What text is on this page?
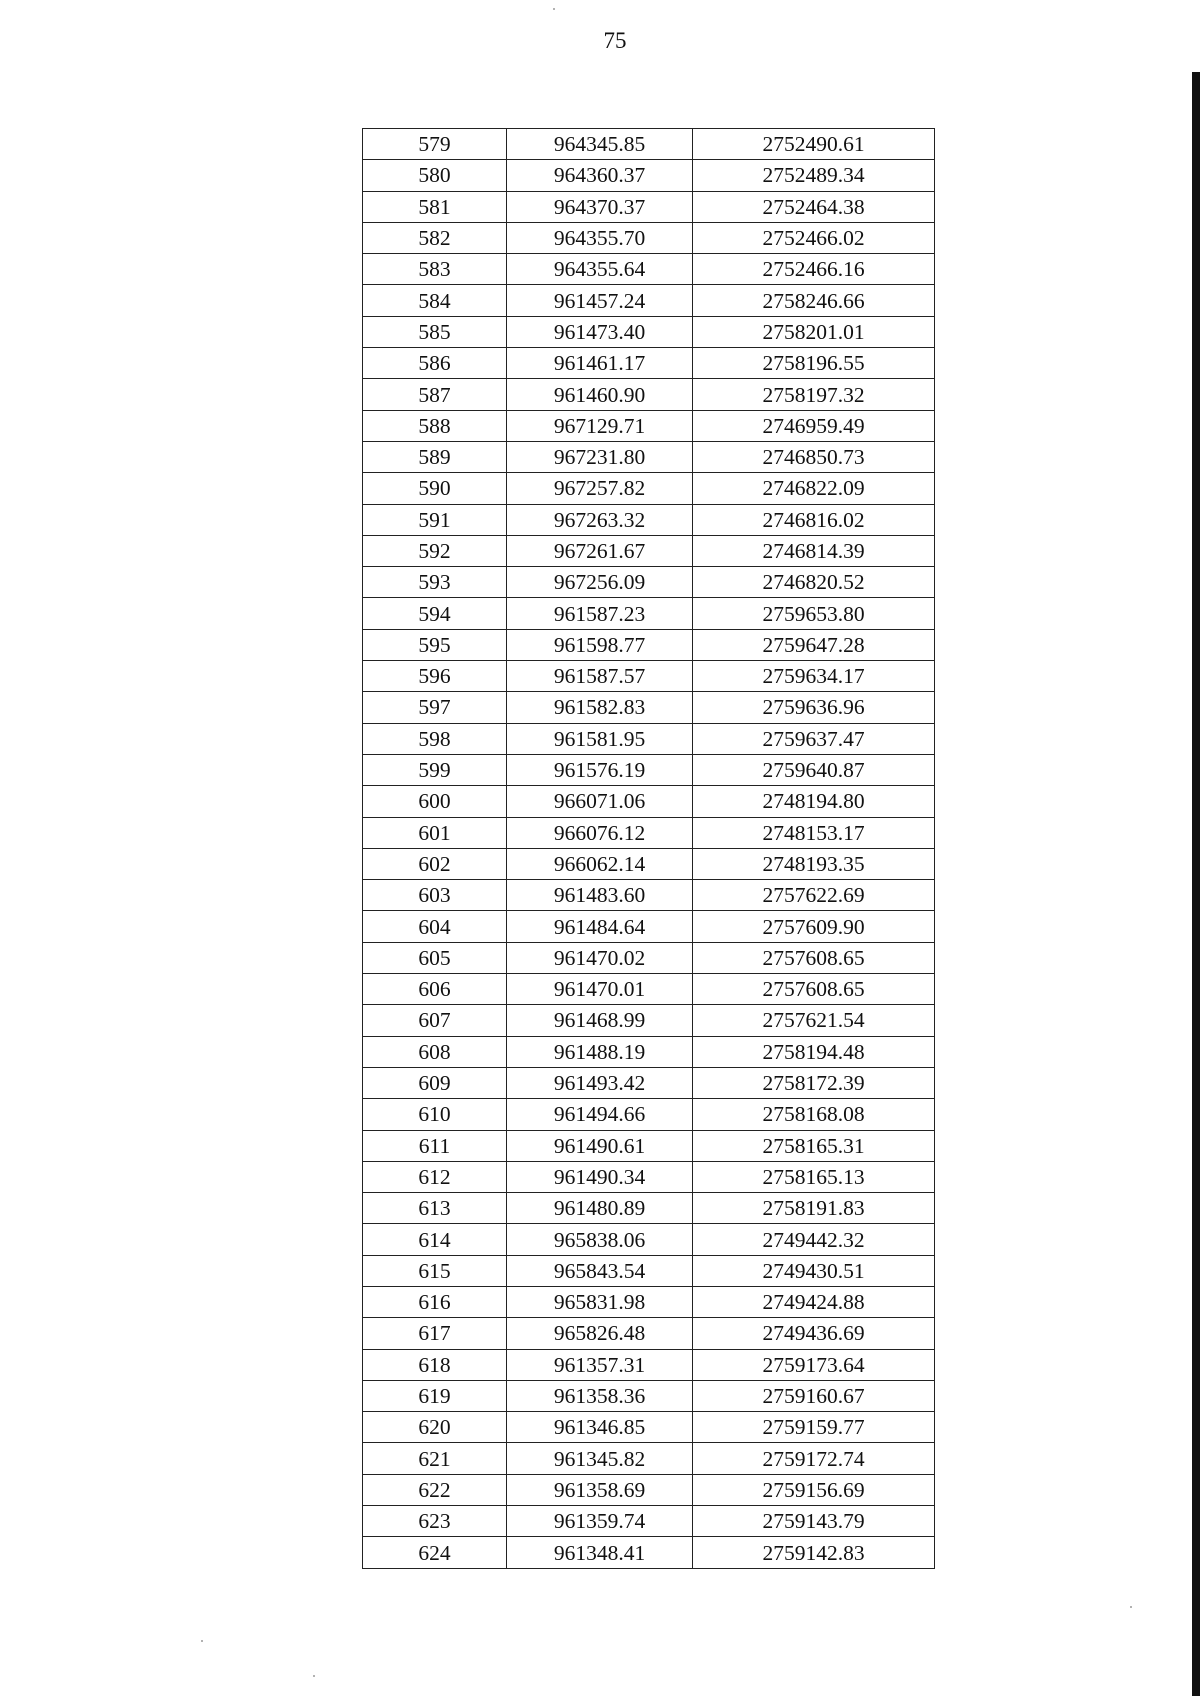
75
579	964345.85	2752490.61
580	964360.37	2752489.34
581	964370.37	2752464.38
582	964355.70	2752466.02
583	964355.64	2752466.16
584	961457.24	2758246.66
585	961473.40	2758201.01
586	961461.17	2758196.55
587	961460.90	2758197.32
588	967129.71	2746959.49
589	967231.80	2746850.73
590	967257.82	2746822.09
591	967263.32	2746816.02
592	967261.67	2746814.39
593	967256.09	2746820.52
594	961587.23	2759653.80
595	961598.77	2759647.28
596	961587.57	2759634.17
597	961582.83	2759636.96
598	961581.95	2759637.47
599	961576.19	2759640.87
600	966071.06	2748194.80
601	966076.12	2748153.17
602	966062.14	2748193.35
603	961483.60	2757622.69
604	961484.64	2757609.90
605	961470.02	2757608.65
606	961470.01	2757608.65
607	961468.99	2757621.54
608	961488.19	2758194.48
609	961493.42	2758172.39
610	961494.66	2758168.08
611	961490.61	2758165.31
612	961490.34	2758165.13
613	961480.89	2758191.83
614	965838.06	2749442.32
615	965843.54	2749430.51
616	965831.98	2749424.88
617	965826.48	2749436.69
618	961357.31	2759173.64
619	961358.36	2759160.67
620	961346.85	2759159.77
621	961345.82	2759172.74
622	961358.69	2759156.69
623	961359.74	2759143.79
624	961348.41	2759142.83
